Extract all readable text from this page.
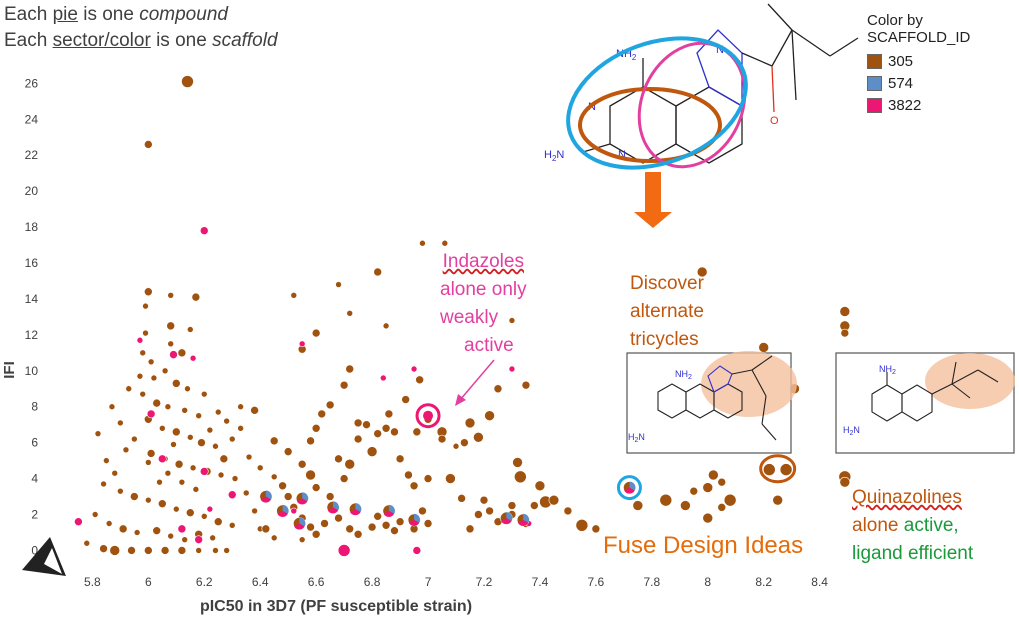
5.8	6	6.2	6.4	6.6	6.8	7	7.2	7.4	7.6	7.8	8	8.2	8.4
0
2
4
6
8
10
12
14
16
18
20
22
24
26
pIC50 in 3D7 (PF susceptible strain)
IFI
$NH_2$
$H_2N$
N
N
N
O
$NH_2$
$H_2N$
$NH_2$
$H_2N$
Each pie is one compound
Each sector/color is one scaffold
Color by
SCAFFOLD_ID
305
574
3822
Indazoles
alone only
weakly
active
Discover
alternate
tricycles
Quinazolines
alone active,
ligand efficient
Fuse Design Ideas
